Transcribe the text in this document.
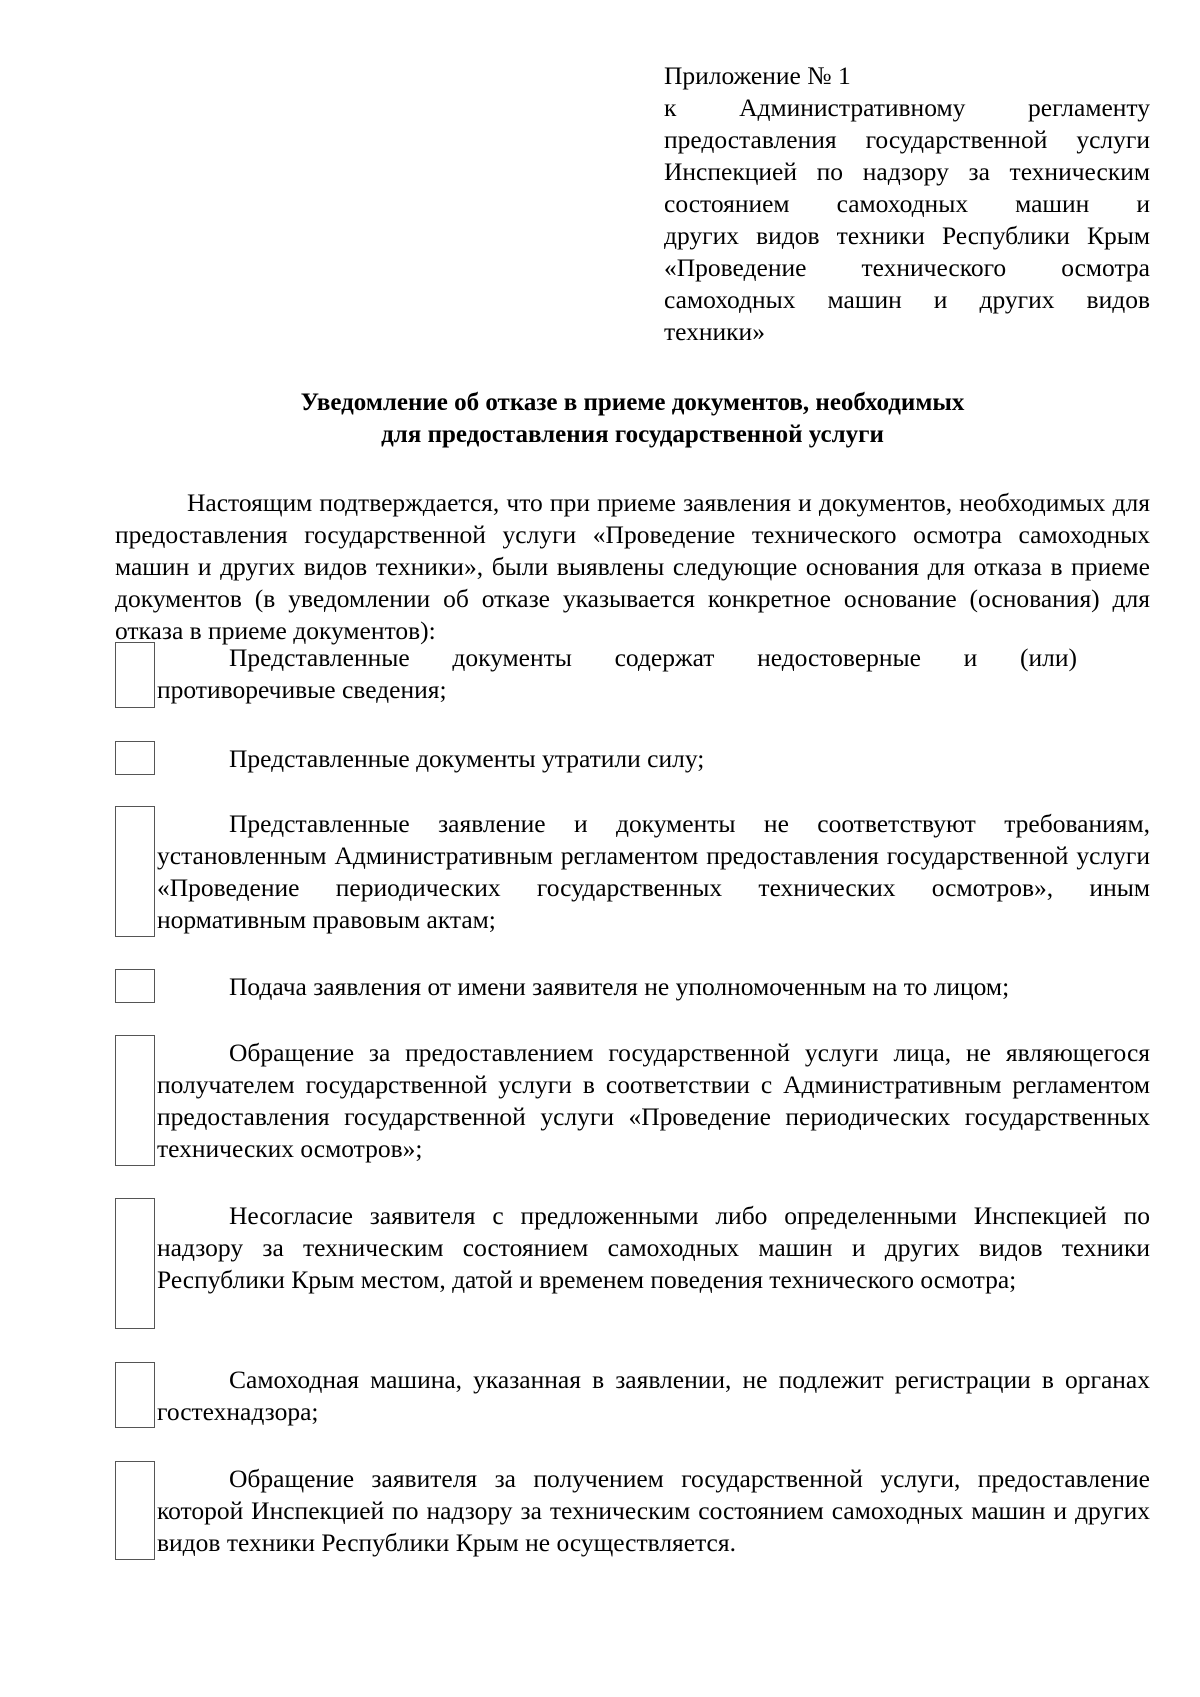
Приложение № 1
к Административному регламенту
предоставления государственной услуги
Инспекцией по надзору за техническим
состоянием самоходных машин и
других видов техники Республики Крым
«Проведение технического осмотра
самоходных машин и других видов
техники»
Уведомление об отказе в приеме документов, необходимых
для предоставления государственной услуги
Настоящим подтверждается, что при приеме заявления и документов, необходимых для предоставления государственной услуги «Проведение технического осмотра самоходных машин и других видов техники», были выявлены следующие основания для отказа в приеме документов (в уведомлении об отказе указывается конкретное основание (основания) для отказа в приеме документов):
Представленные документы содержат недостоверные и (или) противоречивые сведения;
Представленные документы утратили силу;
Представленные заявление и документы не соответствуют требованиям, установленным Административным регламентом предоставления государственной услуги «Проведение периодических государственных технических осмотров», иным нормативным правовым актам;
Подача заявления от имени заявителя не уполномоченным на то лицом;
Обращение за предоставлением государственной услуги лица, не являющегося получателем государственной услуги в соответствии с Административным регламентом предоставления государственной услуги «Проведение периодических государственных технических осмотров»;
Несогласие заявителя с предложенными либо определенными Инспекцией по надзору за техническим состоянием самоходных машин и других видов техники Республики Крым местом, датой и временем поведения технического осмотра;
Самоходная машина, указанная в заявлении, не подлежит регистрации в органах гостехнадзора;
Обращение заявителя за получением государственной услуги, предоставление которой Инспекцией по надзору за техническим состоянием самоходных машин и других видов техники Республики Крым не осуществляется.
